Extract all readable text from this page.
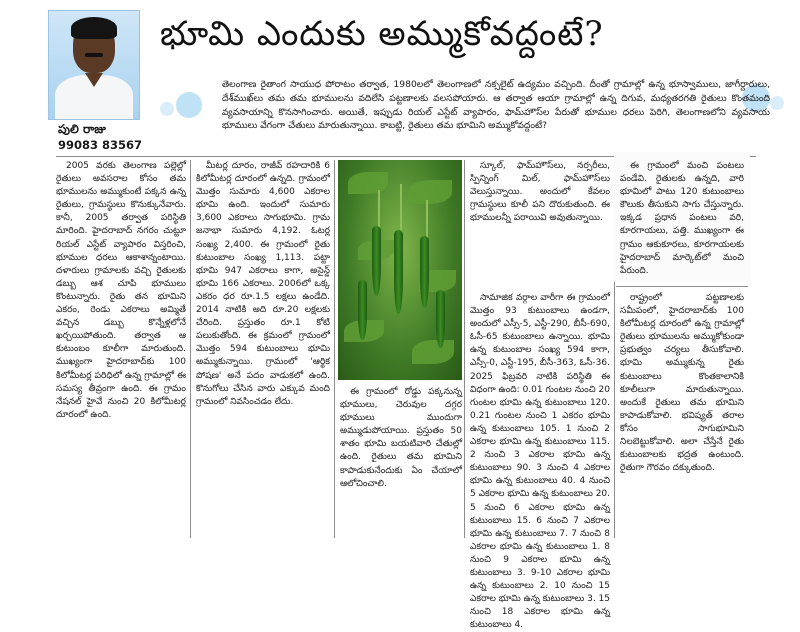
పులి రాజు
99083 83567
భూమి ఎందుకు అమ్ముకోవద్దంటే?
తెలంగాణ రైతాంగ సాయుధ పోరాటం తర్వాత, 1980లలో తెలంగాణలో నక్సలైట్ ఉద్యమం వచ్చింది. దీంతో గ్రామాల్లో ఉన్న భూస్వాములు, జాగీర్దారులు, దేశ్‌ముఖ్‌లు తమ తమ భూములను వదిలేసి పట్టణాలకు వలసపోయారు. ఆ తర్వాత ఆయా గ్రామాల్లో ఉన్న దిగువ, మధ్యతరగతి రైతులు కొంతమంది వ్యవసాయాన్ని కొనసాగించారు. అయితే, ఇప్పుడు రియల్ ఎస్టేట్ వ్యాపారం, ఫామ్‌హౌస్‌ల పేరుతో భూముల ధరలు పెరిగి, తెలంగాణలోని వ్యవసాయ భూములు వేగంగా చేతులు మారుతున్నాయి. కాబట్టి, రైతులు తమ భూమిని అమ్ముకోవద్దంటే?

2005 వరకు తెలంగాణ పల్లెల్లో రైతులు అవసరాల కోసం తమ భూములను అమ్ముకుంటే పక్కన ఉన్న రైతులు, గ్రామస్థులు కొనుక్కునేవారు. కానీ, 2005 తర్వాత పరిస్థితి మారింది. హైదరాబాద్ నగరం చుట్టూ రియల్ ఎస్టేట్ వ్యాపారం విస్తరించి, భూముల ధరలు ఆకాశాన్నంటాయి. దళారులు గ్రామాలకు వచ్చి రైతులకు డబ్బు ఆశ చూపి భూములు కొంటున్నారు. రైతు తన భూమిని ఎకరం, రెండు ఎకరాలు అమ్మితే వచ్చిన డబ్బు కొన్నేళ్లలోనే ఖర్చయిపోతుంది. తర్వాత ఆ కుటుంబం కూలీగా మారుతుంది. ముఖ్యంగా హైదరాబాద్‌కు 100 కిలోమీటర్ల పరిధిలో ఉన్న గ్రామాల్లో ఈ సమస్య తీవ్రంగా ఉంది. ఈ గ్రామం నేషనల్ హైవే నుంచి 20 కిలోమీటర్ల దూరంలో ఉంది.

మీటర్ల దూరం, రాజీవ్ రహదారికి 6 కిలోమీటర్ల దూరంలో ఉన్నది. గ్రామంలో మొత్తం సుమారు 4,600 ఎకరాల భూమి ఉంది. ఇందులో సుమారు 3,600 ఎకరాలు సాగుభూమి. గ్రామ జనాభా సుమారు 4,192. ఓటర్ల సంఖ్య 2,400. ఈ గ్రామంలో రైతు కుటుంబాల సంఖ్య 1,113. పట్టా భూమి 947 ఎకరాలు కాగా, అసైన్డ్ భూమి 166 ఎకరాలు. 2006లో ఒక్క ఎకరం ధర రూ.1.5 లక్షలు ఉండేది. 2014 నాటికి అది రూ.20 లక్షలకు చేరింది. ప్రస్తుతం రూ.1 కోటి పలుకుతోంది. ఈ క్రమంలో గ్రామంలో మొత్తం 594 కుటుంబాలు భూమి అమ్ముకున్నాయి. గ్రామంలో 'ఆర్థిక పోషణ' అనే పదం వాడుకలో ఉంది. కొనుగోలు చేసిన వారు ఎక్కువ మంది గ్రామంలో నివసించడం లేదు.

ఈ గ్రామంలో రోడ్డు పక్కనున్న భూములు, చెరువుల దగ్గర భూములు ముందుగా అమ్ముడుపోయాయి. ప్రస్తుతం 50 శాతం భూమి బయటివారి చేతుల్లో ఉంది. రైతులు తమ భూమిని కాపాడుకునేందుకు ఏం చేయాలో ఆలోచించాలి.

స్కూల్, ఫామ్‌హౌస్‌లు, నర్సరీలు, స్పిన్నింగ్ మిల్, ఫామ్‌హౌస్‌లు వెలుస్తున్నాయి. అందులో కేవలం గ్రామస్థులు కూలీ పని దొరుకుతుంది. ఈ భూములన్నీ పరాయివి అవుతున్నాయి.

సామాజిక వర్గాల వారీగా ఈ గ్రామంలో మొత్తం 93 కుటుంబాలు ఉండగా, అందులో ఎస్సీ-5, ఎస్టీ-290, బీసీ-690, ఓసీ-65 కుటుంబాలు ఉన్నాయి. భూమి ఉన్న కుటుంబాల సంఖ్య 594 కాగా, ఎస్సీ-0, ఎస్టీ-195, బీసీ-363, ఓసీ-36. 2025 ఫిబ్రవరి నాటికి పరిస్థితి ఈ విధంగా ఉంది: 0.01 గుంటల నుంచి 20 గుంటల భూమి ఉన్న కుటుంబాలు 120. 0.21 గుంటల నుంచి 1 ఎకరం భూమి ఉన్న కుటుంబాలు 105. 1 నుంచి 2 ఎకరాల భూమి ఉన్న కుటుంబాలు 115. 2 నుంచి 3 ఎకరాల భూమి ఉన్న కుటుంబాలు 90. 3 నుంచి 4 ఎకరాల భూమి ఉన్న కుటుంబాలు 40. 4 నుంచి 5 ఎకరాల భూమి ఉన్న కుటుంబాలు 20. 5 నుంచి 6 ఎకరాల భూమి ఉన్న కుటుంబాలు 15. 6 నుంచి 7 ఎకరాల భూమి ఉన్న కుటుంబాలు 7. 7 నుంచి 8 ఎకరాల భూమి ఉన్న కుటుంబాలు 1. 8 నుంచి 9 ఎకరాల భూమి ఉన్న కుటుంబాలు 3. 9-10 ఎకరాల భూమి ఉన్న కుటుంబాలు 2. 10 నుంచి 15 ఎకరాల భూమి ఉన్న కుటుంబాలు 3. 15 నుంచి 18 ఎకరాల భూమి ఉన్న కుటుంబాలు 4.

ఈ గ్రామంలో మంచి పంటలు పండేవి. రైతులకు ఉన్నది, వారి భూమిలో పాటు 120 కుటుంబాలు కౌలుకు తీసుకుని సాగు చేస్తున్నారు. ఇక్కడ ప్రధాన పంటలు వరి, కూరగాయలు, పత్తి. ముఖ్యంగా ఈ గ్రామం ఆకుకూరలు, కూరగాయలకు హైదరాబాద్ మార్కెట్‌లో మంచి పేరుంది.

రాష్ట్రంలో పట్టణాలకు సమీపంలో, హైదరాబాద్‌కు 100 కిలోమీటర్ల దూరంలో ఉన్న గ్రామాల్లో రైతులు భూములను అమ్ముకోకుండా ప్రభుత్వం చర్యలు తీసుకోవాలి. భూమి అమ్ముకున్న రైతు కుటుంబాలు కొంతకాలానికి కూలీలుగా మారుతున్నాయి. అందుకే రైతులు తమ భూమిని కాపాడుకోవాలి. భవిష్యత్ తరాల కోసం సాగుభూమిని నిలబెట్టుకోవాలి. అలా చేస్తేనే రైతు కుటుంబాలకు భద్రత ఉంటుంది. రైతుగా గౌరవం దక్కుతుంది.
